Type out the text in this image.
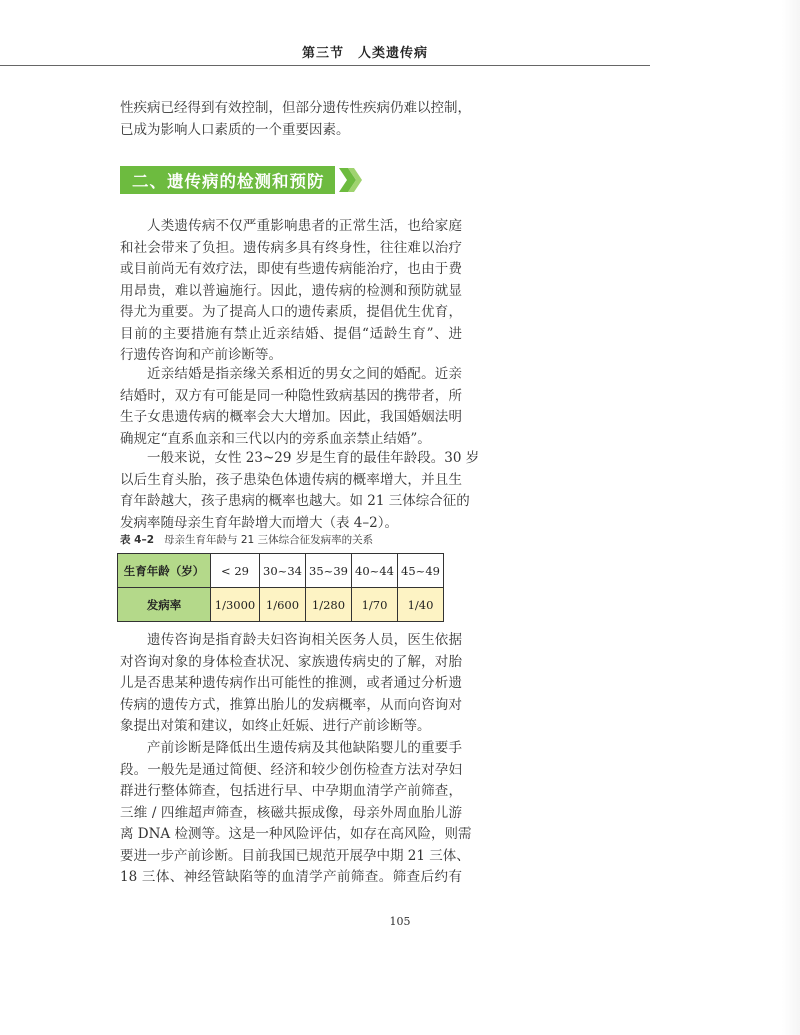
第三节　人类遗传病
性疾病已经得到有效控制，但部分遗传性疾病仍难以控制，
已成为影响人口素质的一个重要因素。
二、遗传病的检测和预防
人类遗传病不仅严重影响患者的正常生活，也给家庭
和社会带来了负担。遗传病多具有终身性，往往难以治疗
或目前尚无有效疗法，即使有些遗传病能治疗，也由于费
用昂贵，难以普遍施行。因此，遗传病的检测和预防就显
得尤为重要。为了提高人口的遗传素质，提倡优生优育，
目前的主要措施有禁止近亲结婚、提倡“适龄生育”、进
行遗传咨询和产前诊断等。
近亲结婚是指亲缘关系相近的男女之间的婚配。近亲
结婚时，双方有可能是同一种隐性致病基因的携带者，所
生子女患遗传病的概率会大大增加。因此，我国婚姻法明
确规定“直系血亲和三代以内的旁系血亲禁止结婚”。
一般来说，女性 23~29 岁是生育的最佳年龄段。30 岁
以后生育头胎，孩子患染色体遗传病的概率增大，并且生
育年龄越大，孩子患病的概率也越大。如 21 三体综合征的
发病率随母亲生育年龄增大而增大（表 4–2）。
表 4–2 母亲生育年龄与 21 三体综合征发病率的关系
生育年龄（岁）	< 29	30~34	35~39	40~44	45~49
发病率	1/3000	1/600	1/280	1/70	1/40
遗传咨询是指育龄夫妇咨询相关医务人员，医生依据
对咨询对象的身体检查状况、家族遗传病史的了解，对胎
儿是否患某种遗传病作出可能性的推测，或者通过分析遗
传病的遗传方式，推算出胎儿的发病概率，从而向咨询对
象提出对策和建议，如终止妊娠、进行产前诊断等。
产前诊断是降低出生遗传病及其他缺陷婴儿的重要手
段。一般先是通过简便、经济和较少创伤检查方法对孕妇
群进行整体筛查，包括进行早、中孕期血清学产前筛查，
三维 / 四维超声筛查，核磁共振成像，母亲外周血胎儿游
离 DNA 检测等。这是一种风险评估，如存在高风险，则需
要进一步产前诊断。目前我国已规范开展孕中期 21 三体、
18 三体、神经管缺陷等的血清学产前筛查。筛查后约有
105
